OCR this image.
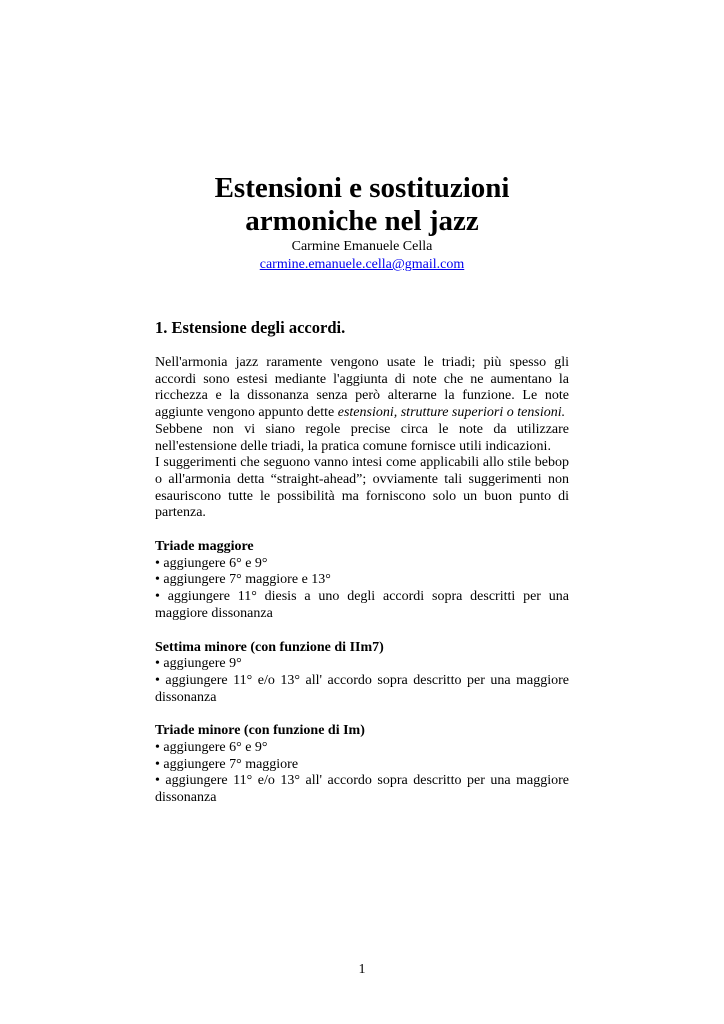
Estensioni e sostituzioni
armoniche nel jazz
Carmine Emanuele Cella
carmine.emanuele.cella@gmail.com
1. Estensione degli accordi.

Nell'armonia jazz raramente vengono usate le triadi; più spesso gli accordi sono estesi mediante l'aggiunta di note che ne aumentano la ricchezza e la dissonanza senza però alterarne la funzione. Le note aggiunte vengono appunto dette estensioni, strutture superiori o tensioni.

Sebbene non vi siano regole precise circa le note da utilizzare nell'estensione delle triadi, la pratica comune fornisce utili indicazioni.

I suggerimenti che seguono vanno intesi come applicabili allo stile bebop o all'armonia detta “straight-ahead”; ovviamente tali suggerimenti non esauriscono tutte le possibilità ma forniscono solo un buon punto di partenza.

Triade maggiore

• aggiungere 6° e 9°

• aggiungere 7° maggiore e 13°

• aggiungere 11° diesis a uno degli accordi sopra descritti per una maggiore dissonanza

Settima minore (con funzione di IIm7)

• aggiungere 9°

• aggiungere 11° e/o 13° all' accordo sopra descritto per una maggiore dissonanza

Triade minore (con funzione di Im)

• aggiungere 6° e 9°

• aggiungere 7° maggiore

• aggiungere 11° e/o 13° all' accordo sopra descritto per una maggiore dissonanza

1
